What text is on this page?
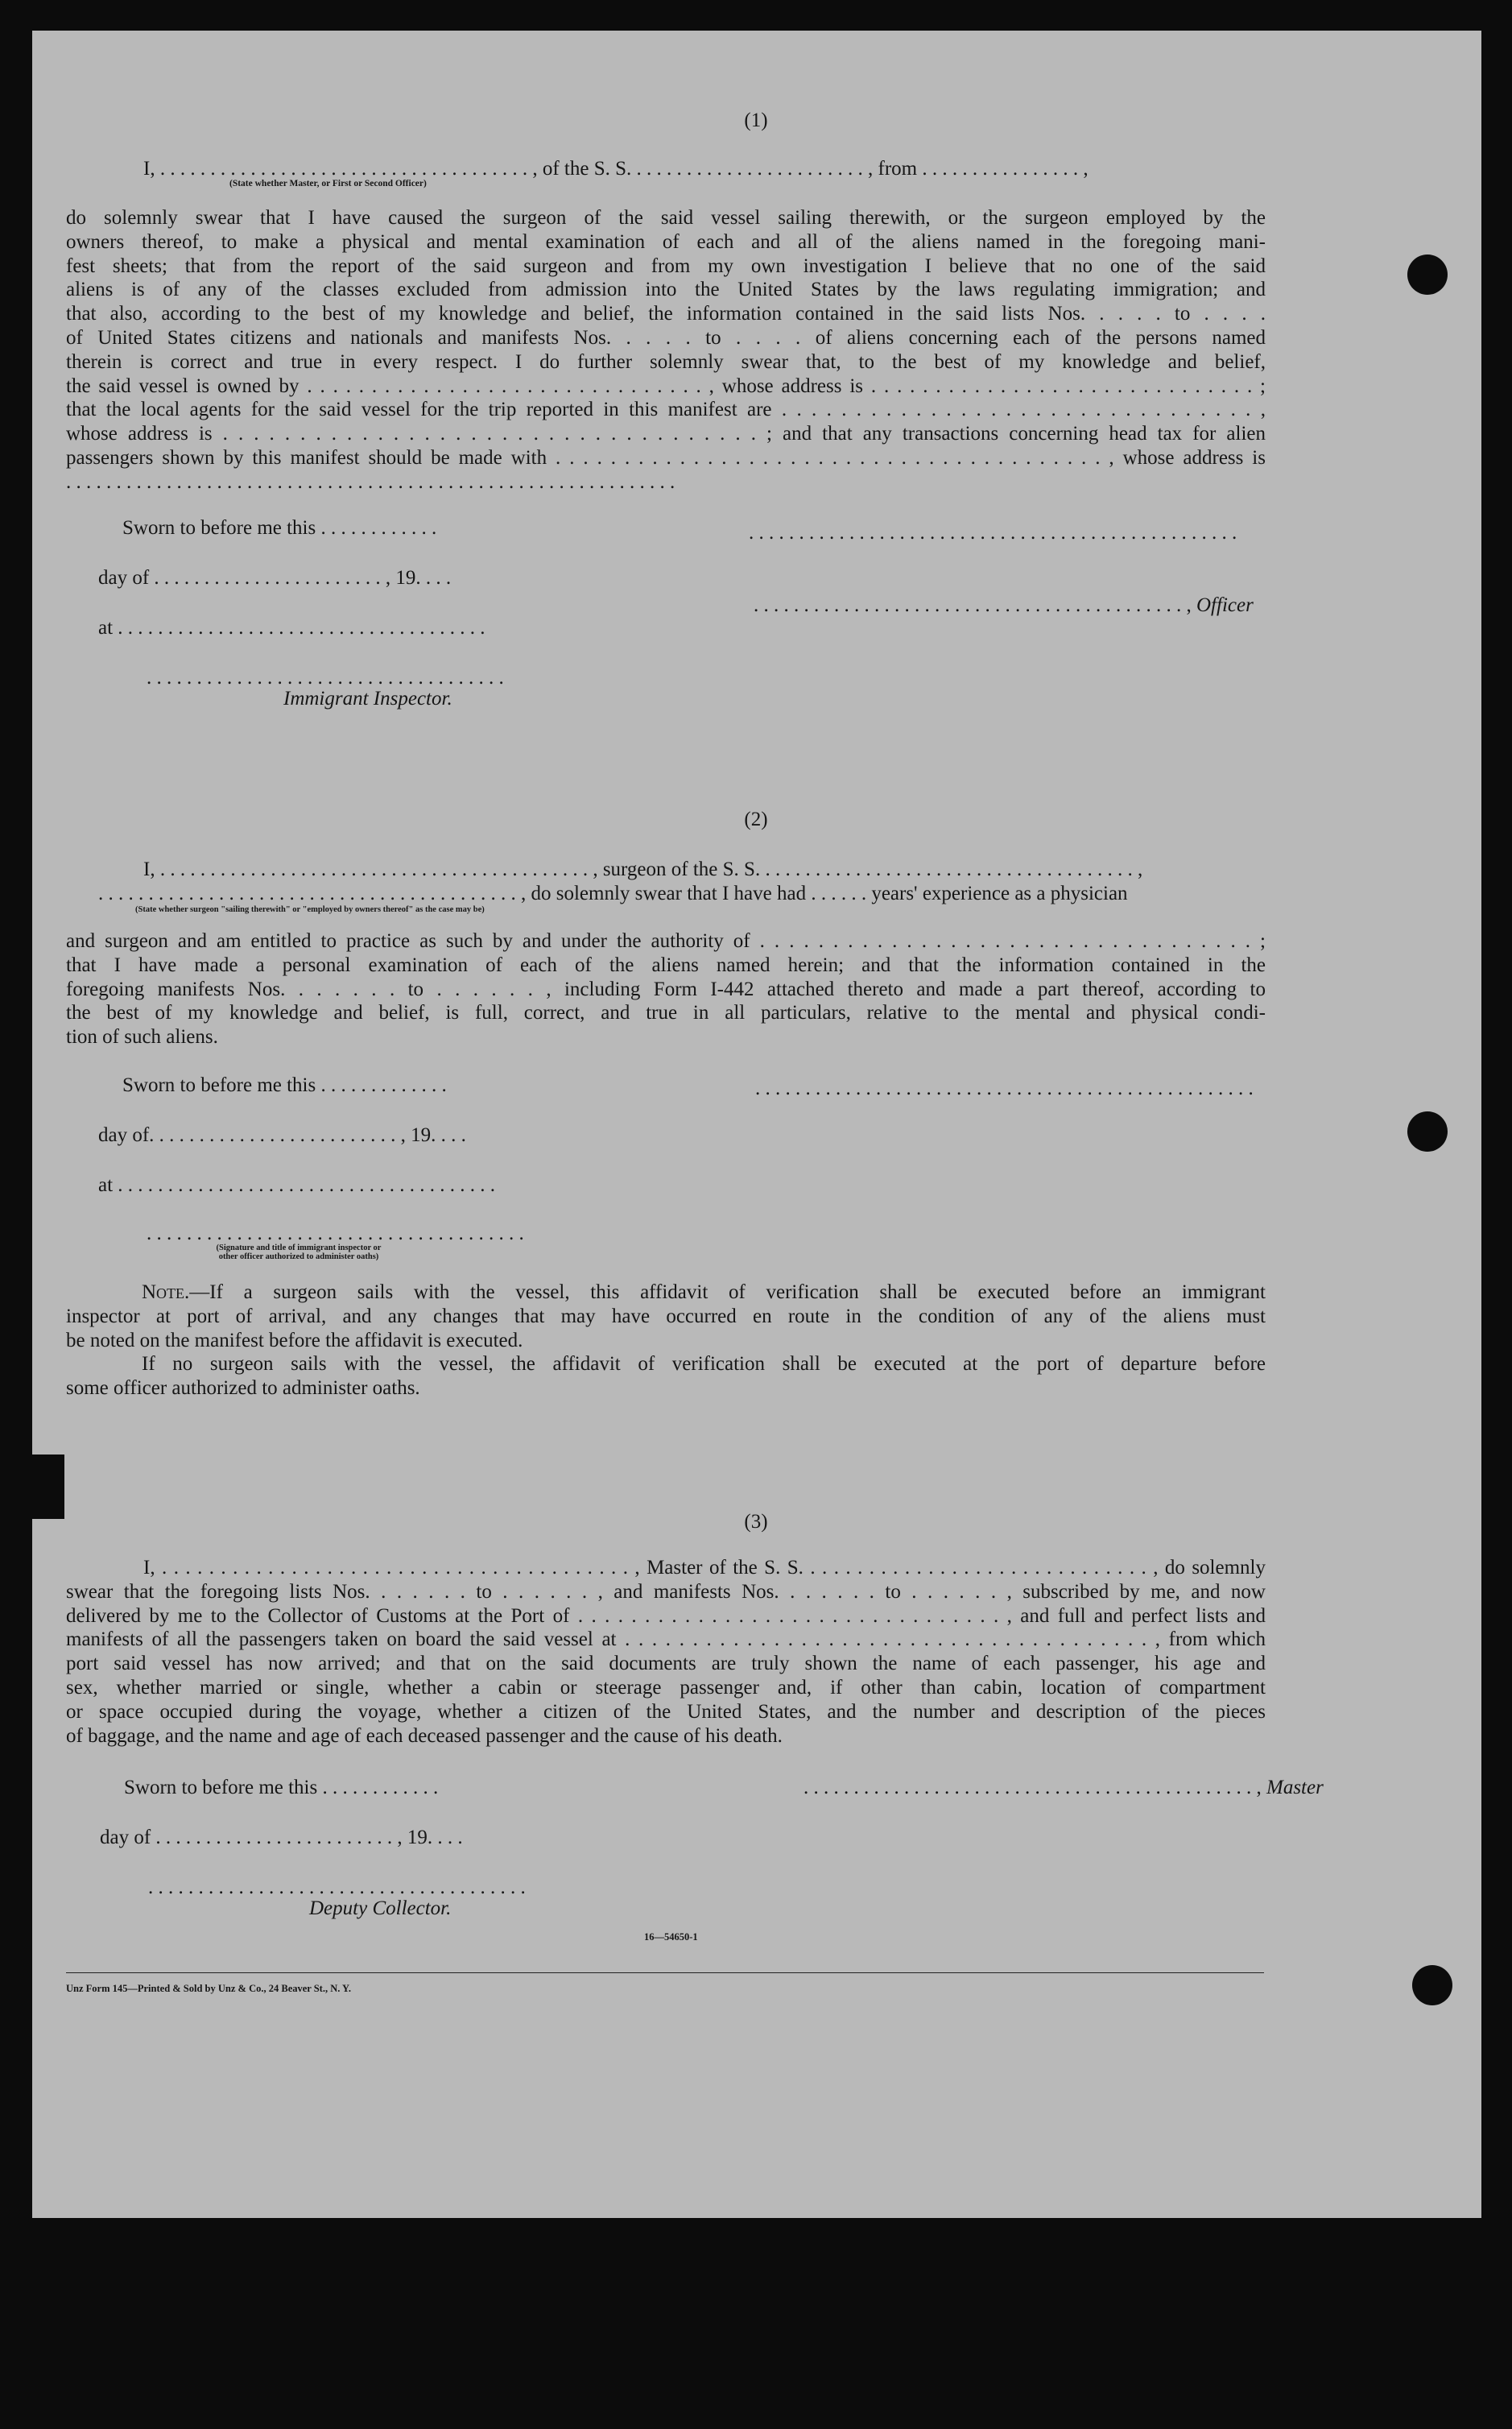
(1)
I, . . . . . . . . . . . . . . . . . . . . . . . . . . . . . . . . . . . . . , of the S. S. . . . . . . . . . . . . . . . . . . . . . . . , from . . . . . . . . . . . . . . . . ,
(State whether Master, or First or Second Officer)
do solemnly swear that I have caused the surgeon of the said vessel sailing therewith, or the surgeon employed by the
owners thereof, to make a physical and mental examination of each and all of the aliens named in the foregoing mani-
fest sheets; that from the report of the said surgeon and from my own investigation I believe that no one of the said
aliens is of any of the classes excluded from admission into the United States by the laws regulating immigration; and
that also, according to the best of my knowledge and belief, the information contained in the said lists Nos. . . . . to . . . .
of United States citizens and nationals and manifests Nos. . . . . to . . . . of aliens concerning each of the persons named
therein is correct and true in every respect. I do further solemnly swear that, to the best of my knowledge and belief,
the said vessel is owned by . . . . . . . . . . . . . . . . . . . . . . . . . . . . . . . , whose address is . . . . . . . . . . . . . . . . . . . . . . . . . . . . . . ;
that the local agents for the said vessel for the trip reported in this manifest are . . . . . . . . . . . . . . . . . . . . . . . . . . . . . . . . ,
whose address is . . . . . . . . . . . . . . . . . . . . . . . . . . . . . . . . . . . ; and that any transactions concerning head tax for alien
passengers shown by this manifest should be made with . . . . . . . . . . . . . . . . . . . . . . . . . . . . . . . . . . . . . . . . , whose address is
. . . . . . . . . . . . . . . . . . . . . . . . . . . . . . . . . . . . . . . . . . . . . . . . . . . . . . . . . . . . .
Sworn to before me this . . . . . . . . . . . .	. . . . . . . . . . . . . . . . . . . . . . . . . . . . . . . . . . . . . . . . . . . . . . . . .
day of . . . . . . . . . . . . . . . . . . . . . . . , 19. . . .
. . . . . . . . . . . . . . . . . . . . . . . . . . . . . . . . . . . . . . . . . . . , Officer
at . . . . . . . . . . . . . . . . . . . . . . . . . . . . . . . . . . . . .
. . . . . . . . . . . . . . . . . . . . . . . . . . . . . . . . . . . .
Immigrant Inspector.
(2)
I, . . . . . . . . . . . . . . . . . . . . . . . . . . . . . . . . . . . . . . . . . . . , surgeon of the S. S. . . . . . . . . . . . . . . . . . . . . . . . . . . . . . . . . . . . . . ,
. . . . . . . . . . . . . . . . . . . . . . . . . . . . . . . . . . . . . . . . . . , do solemnly swear that I have had . . . . . . years' experience as a physician
(State whether surgeon "sailing therewith" or "employed by owners thereof" as the case may be)
and surgeon and am entitled to practice as such by and under the authority of . . . . . . . . . . . . . . . . . . . . . . . . . . . . . . . . . . ;
that I have made a personal examination of each of the aliens named herein; and that the information contained in the
foregoing manifests Nos. . . . . . . to . . . . . . , including Form I-442 attached thereto and made a part thereof, according to
the best of my knowledge and belief, is full, correct, and true in all particulars, relative to the mental and physical condi-
tion of such aliens.
Sworn to before me this . . . . . . . . . . . . .	. . . . . . . . . . . . . . . . . . . . . . . . . . . . . . . . . . . . . . . . . . . . . . . . . .
day of. . . . . . . . . . . . . . . . . . . . . . . . . , 19. . . .
at . . . . . . . . . . . . . . . . . . . . . . . . . . . . . . . . . . . . . .
. . . . . . . . . . . . . . . . . . . . . . . . . . . . . . . . . . . . . .
(Signature and title of immigrant inspector or
other officer authorized to administer oaths)
Note.—If a surgeon sails with the vessel, this affidavit of verification shall be executed before an immigrant
inspector at port of arrival, and any changes that may have occurred en route in the condition of any of the aliens must
be noted on the manifest before the affidavit is executed.
If no surgeon sails with the vessel, the affidavit of verification shall be executed at the port of departure before
some officer authorized to administer oaths.
(3)
I, . . . . . . . . . . . . . . . . . . . . . . . . . . . . . . . . . . . . . . . . , Master of the S. S. . . . . . . . . . . . . . . . . . . . . . . . . . . . . . , do solemnly
swear that the foregoing lists Nos. . . . . . . to . . . . . . , and manifests Nos. . . . . . . to . . . . . . , subscribed by me, and now
delivered by me to the Collector of Customs at the Port of . . . . . . . . . . . . . . . . . . . . . . . . . . . . . . . . , and full and perfect lists and
manifests of all the passengers taken on board the said vessel at . . . . . . . . . . . . . . . . . . . . . . . . . . . . . . . . . . . . . . . , from which
port said vessel has now arrived; and that on the said documents are truly shown the name of each passenger, his age and
sex, whether married or single, whether a cabin or steerage passenger and, if other than cabin, location of compartment
or space occupied during the voyage, whether a citizen of the United States, and the number and description of the pieces
of baggage, and the name and age of each deceased passenger and the cause of his death.
Sworn to before me this . . . . . . . . . . . .	. . . . . . . . . . . . . . . . . . . . . . . . . . . . . . . . . . . . . . . . . . . . . , Master
day of . . . . . . . . . . . . . . . . . . . . . . . . , 19. . . .
. . . . . . . . . . . . . . . . . . . . . . . . . . . . . . . . . . . . . .
Deputy Collector.
16—54650-1
Unz Form 145—Printed & Sold by Unz & Co., 24 Beaver St., N. Y.
